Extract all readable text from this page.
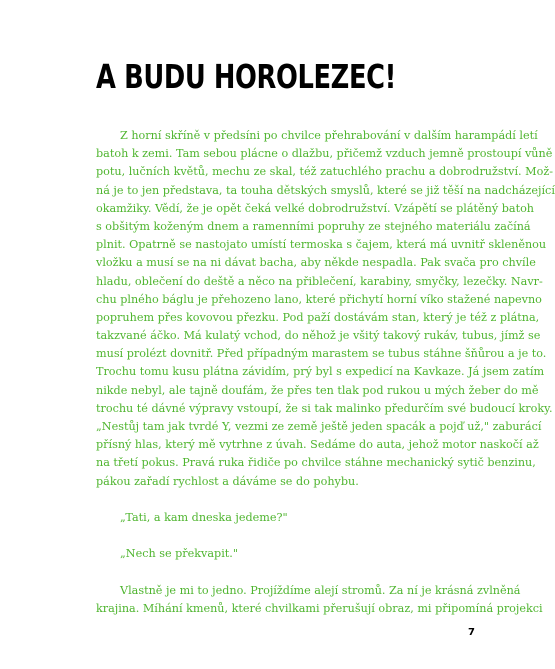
A BUDU HOROLEZEC!
Z horní skříně v předsíni po chvilce přehrabování v dalším harampádí letí
batoh k zemi. Tam sebou plácne o dlažbu, přičemž vzduch jemně prostoupí vůně
potu, lučních květů, mechu ze skal, též zatuchlého prachu a dobrodružství. Mož-
ná je to jen představa, ta touha dětských smyslů, které se již těší na nadcházející
okamžiky. Vědí, že je opět čeká velké dobrodružství. Vzápětí se plátěný batoh
s obšitým koženým dnem a ramenními popruhy ze stejného materiálu začíná
plnit. Opatrně se nastojato umístí termoska s čajem, která má uvnitř skleněnou
vložku a musí se na ni dávat bacha, aby někde nespadla. Pak svača pro chvíle
hladu, oblečení do deště a něco na přiblečení, karabiny, smyčky, lezečky. Navr-
chu plného báglu je přehozeno lano, které přichytí horní víko stažené napevno
popruhem přes kovovou přezku. Pod paží dostávám stan, který je též z plátna,
takzvané áčko. Má kulatý vchod, do něhož je všitý takový rukáv, tubus, jímž se
musí prolézt dovnitř. Před případným marastem se tubus stáhne šňůrou a je to.
Trochu tomu kusu plátna závidím, prý byl s expedicí na Kavkaze. Já jsem zatím
nikde nebyl, ale tajně doufám, že přes ten tlak pod rukou u mých žeber do mě
trochu té dávné výpravy vstoupí, že si tak malinko předurčím své budoucí kroky.
„Nestůj tam jak tvrdé Y, vezmi ze země ještě jeden spacák a pojď už," zaburácí
přísný hlas, který mě vytrhne z úvah. Sedáme do auta, jehož motor naskočí až
na třetí pokus. Pravá ruka řidiče po chvilce stáhne mechanický sytič benzinu,
pákou zařadí rychlost a dáváme se do pohybu.
„Tati, a kam dneska jedeme?"
„Nech se překvapit."
Vlastně je mi to jedno. Projíždíme alejí stromů. Za ní je krásná zvlněná
krajina. Míhání kmenů, které chvilkami přerušují obraz, mi připomíná projekci
7
